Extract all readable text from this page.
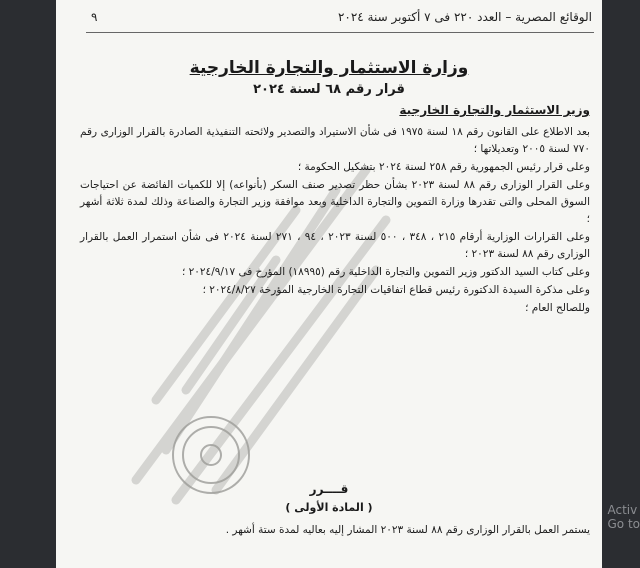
الوقائع المصرية – العدد ٢٢٠ فى ٧ أكتوبر سنة ٢٠٢٤
٩
وزارة الاستثمار والتجارة الخارجية
قرار رقم ٦٨ لسنة ٢٠٢٤
وزير الاستثمار والتجارة الخارجية

بعد الاطلاع على القانون رقم ١٨ لسنة ١٩٧٥ فى شأن الاستيراد والتصدير ولائحته التنفيذية الصادرة بالقرار الوزارى رقم ٧٧٠ لسنة ٢٠٠٥ وتعديلاتها ؛

وعلى قرار رئيس الجمهورية رقم ٢٥٨ لسنة ٢٠٢٤ بتشكيل الحكومة ؛

وعلى القرار الوزارى رقم ٨٨ لسنة ٢٠٢٣ بشأن حظر تصدير صنف السكر (بأنواعه) إلا للكميات الفائضة عن احتياجات السوق المحلى والتى تقدرها وزارة التموين والتجارة الداخلية وبعد موافقة وزير التجارة والصناعة وذلك لمدة ثلاثة أشهر ؛

وعلى القرارات الوزارية أرقام ٢١٥ ، ٣٤٨ ، ٥٠٠ لسنة ٢٠٢٣ ، ٩٤ ، ٢٧١ لسنة ٢٠٢٤ فى شأن استمرار العمل بالقرار الوزارى رقم ٨٨ لسنة ٢٠٢٣ ؛

وعلى كتاب السيد الدكتور وزير التموين والتجارة الداخلية رقم (١٨٩٩٥) المؤرخ فى ٢٠٢٤/٩/١٧ ؛

وعلى مذكرة السيدة الدكتورة رئيس قطاع اتفاقيات التجارة الخارجية المؤرخة ٢٠٢٤/٨/٢٧ ؛

وللصالح العام ؛

قــــرر
( المادة الأولى )
يستمر العمل بالقرار الوزارى رقم ٨٨ لسنة ٢٠٢٣ المشار إليه بعاليه لمدة ستة أشهر .
Activ
Go to
